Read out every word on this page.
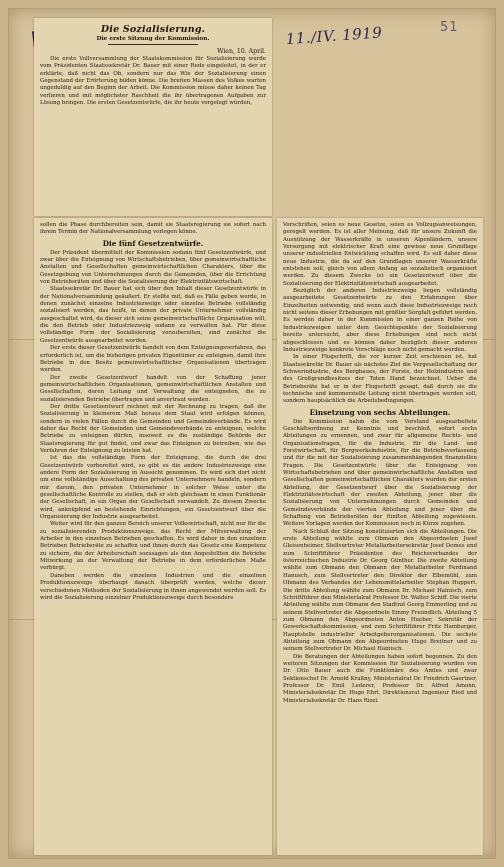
11./IV. 1919	51
Die Sozialisierung.
Die erste Sitzung der Kommission.
Wien, 10. April.

Die erste Vollversammlung der Staatskommission für Sozialisierung wurde vom Präsidenten Staatssekretär Dr. Bauer mit einer Rede eingeleitet, in der er erklärte, daß nicht das Ob, sondern nur das Wie der Sozialisierung einen Gegenstand der Erörterung bilden könne. Die breiten Massen des Volkes warten ungeduldig auf den Beginn der Arbeit. Die Kommission müsse daher keinen Tag verlieren und mit möglichster Raschheit die ihr übertragenen Aufgaben zur Lösung bringen. Die ersten Gesetzentwürfe, die ihr heute vorgelegt würden,

sollen die Phase durchbereiten sein, damit sie Staatsregierung sie sofort nach ihrem Termin der Nationalversammlung vorlegen könne.

Die fünf Gesetzentwürfe.

Der Präsident übermittelt der Kommission sodann fünf Gesetzentwürfe, und zwar über die Enteignung von Wirtschaftsbetrieben, über gemeinwirtschaftliche Anstalten und Gesellschaften gemeinwirtschaftlichen Charakters, über die Gesetzgebung von Unternehmungen durch die Gemeinden, über die Errichtung von Betriebsräten und über die Sozialisierung der Elektrizitätswirtschaft.

Staatssekretär Dr. Bauer hat sich über den Inhalt dieser Gesetzentwürfe in der Nationalversammlung geäußert. Er stellte mit, daß es Fälle geben werde, in denen zunächst einzelne Industriezweige oder einzelne Betriebe vollständig sozialisiert werden, das heißt, in denen der private Unternehmer vollständig ausgeschaltet wird, da dieser sich seine gemeinwirtschaftliche Organisation will, die den Betrieb oder Industriezweig sodann zu verwalten hat. Für diese vollständige Form der Sozialisierung vorzubereiten, sind zunächst die Gesetzentwürfe ausgearbeitet worden.

Der erste dieser Gesetzentwürfe handelt von dem Enteignungsverfahren, das erforderlich ist, um die bisherigen privaten Eigentümer zu enteignen, damit ihre Betriebe in den Besitz gemeinwirtschaftlicher Organisationen übertragen werden.

Der zweite Gesetzentwurf handelt von der Schaffung jener gemeinwirtschaftlichen Organisationen, gemeinwirtschaftlichen Anstalten und Gesellschaften, deren Leitung und Verwaltung die enteigneten, die zu sozialisierenden Betriebe übertragen und anvertraut werden.

Der dritte Gesetzentwurf rechnet mit der Rechnung zu tragen, daß die Sozialisierung in kleinerem Maß heraus dem Staat wird erfolgen können, sondern in vielen Fällen durch die Gemeinden und Gemeindeverbände. Es wird daher das Recht der Gemeinden und Gemeindeverbände zu enteignen, welche Betriebe zu enteignen dürfen, insoweit es die zuständige Behörde der Staatsregierung für gut findet, und zwar das Enteignen zu betreiben, wie das Verfahren der Enteignung zu leisten hat.

Ist das die vollständige Form der Enteignung, die durch die drei Gesetzentwürfe vorbereitet wird, so gibt es die andere Industriezweige eine andere Form der Sozialisierung in Aussicht genommen. Es wird sich dort nicht um eine vollständige Ausschaltung des privaten Unternehmers handeln, sondern mir darum, den privaten Unternehmer in solcher Weise unter die gesellschaftliche Kontrolle zu stellen, daß er sich gleichsam in einen Funktionär der Gesellschaft, in ein Organ der Gesellschaft verwandelt. Zu diesem Zwecke wird, anknüpfend an bestehende Einrichtungen, ein Gesetzentwurf über die Organisierung der Industrie ausgearbeitet.

Weiter wird für den ganzen Bereich unserer Volkswirtschaft, nicht nur für die zu sozialisierenden Produktionszweige, das Recht der Mitverwaltung der Arbeiter in den einzelnen Betrieben geschaffen. Es wird daher in den einzelnen Betrieben Betriebsräte zu schaffen und ihnen durch das Gesetz eine Kompetenz zu sichern, die der Arbeiterschaft sozusagen als den Angestellten die Betriebe Mitwirkung an der Verwaltung der Betriebe in dem erforderlichen Maße verbürgt.

Daneben werden die einzelnen Industrien und die einzelnen Produktionszweige überhaupt danach überprüft werden, welche dieser verschiedenen Methoden der Sozialisierung in ihnen angewendet werden soll. Es wird die Sozialisierung einzelner Produktionszweige durch besondere

Vorschriften, seien es neue Gesetze, seien es Vollzugsanweisungen, geregelt werden. Es ist aller Meinung, daß für unsere Zukunft die Ausnützung der Wasserkräfte in unseren Alpenländern, unsere Versorgung mit elektrischer Kraft eine gewisse neue Grundlage unserer industriellen Entwicklung schaffen wird. Es soll daher diese neue Industrie, die da auf den Grundlagen unserer Wasserkräfte entstehen soll, gleich von allem Anfang an sozialistisch organisiert werden. Zu diesem Zwecke ist ein Gesetzentwurf über die Sozialisierung der Elektrizitätswirtschaft ausgearbeitet.

Bezüglich der anderen Industriezweige liegen vollständig ausgearbeitete Gesetzentwürfe zu den Erfahrungen über Einzelheiten notwendig, und wenn auch diese Industriezweige noch nicht seitens dieser Erhebungen mit größter Sorgfalt geführt werden. Es werden daher in der Kommission in einer ganzen Reihe von Industriezweigen unter dem Gesichtspunkte der Sozialisierung bereits untersucht, aber diese Erhebungen sind noch nicht abgeschlossen und es können daher bezüglich dieser anderen Industriezweige konkrete Vorschläge noch nicht gemacht werden.

In einer Flugschrift, die vor kurzer Zeit erschienen ist, hat Staatssekretär Dr. Bauer als nächstes Ziel die Vergesellschaftung der Schwerindustrie, des Bergbaues, der Forste, der Holzindustrie und des Großgrundbesitzes der Toten Hand bezeichnet. Ueber die Betriebsräte hat er in der Flugschrift gesagt, daß durch sie die technische und kommerzielle Leitung nicht übertragen werden soll, sondern hauptsächlich die Arbeitsbedingungen.

Einsetzung von sechs Abteilungen.

Die Kommission nahm die vom Vorstand ausgearbeitete Geschäftsordnung zur Kenntnis und beschloß, sofort sechs Abteilungen zu ernennen, und zwar für allgemeine Rechts- und Organisationsfragen, für die Industrie, für die Land- und Forstwirtschaft, für Bergwerksindustrie, für die Betriebsverfassung und für die mit der Sozialisierung zusammenhängenden finanziellen Fragen. Die Gesetzentwürfe über die Enteignung von Wirtschaftsbetrieben und über gemeinwirtschaftliche Anstalten und Gesellschaften gemeinwirtschaftlichen Charakters wurden der ersten Abteilung, der Gesetzentwurf über die Sozialisierung der Elektrizitätswirtschaft der zweiten Abteilung, jener über die Sozialisierung von Unternehmungen durch Gemeinden und Gemeindeverbände der vierten Abteilung und jener über die Schaffung von Betriebsräten der fünften Abteilung zugewiesen. Weitere Vorlagen werden der Kommission noch in Kürze zugehen.

Nach Schluß der Sitzung konstituierten sich die Abteilungen. Die erste Abteilung wählte zum Obmann den Abgeordneten Josef Gleisenheimer, Stellvertreter Metallarbeitersekretär Josef Domes und zum Schriftführer Präsidenten des Reichsverbandes der österreichischen Industrie Dr. Georg Günther. Die zweite Abteilung wählte zum Obmann den Obmann der Metallarbeiter Ferdinand Hanusch, zum Stellvertreter den Direktor der Elbemühl, zum Obmann des Verbandes der Lebensmittelarbeiter Stephan Huppert. Die dritte Abteilung wählte zum Obmann Dr. Michael Hainisch, zum Schriftführer den Ministerialrat Professor Dr. Walter Schiff. Die vierte Abteilung wählte zum Obmann den Stadtrat Georg Emmerling und zu seinem Stellvertreter die Abgeordnete Emmy Freundlich. Abteilung 5 zum Obmann den Abgeordneten Anton Hueber, Sekretär der Gewerkschaftskommission, und zum Schriftführer Fritz Hamburger, Hauptstelle industrieller Arbeitgeberorganisationen. Die sechste Abteilung zum Obmann den Abgeordneten Hugo Breitner und zu seinem Stellvertreter Dr. Michael Hainisch.

Die Beratungen der Abteilungen haben sofort begonnen. Zu den weiteren Sitzungen der Kommission für Sozialisierung wurden von Dr. Otto Bauer auch die Funktionäre des Amtes und zwar Sektionschef Dr. Arnold Kraßny, Ministerialrat Dr. Friedrich Gaertner, Professor Dr. Emil Lederer, Professor Dr. Alfred Amonn, Ministerialsekretär Dr. Hugo Ehrl, Direktionsrat Ingenieur Ried und Ministerialsekretär Dr. Hans Rizzi.
